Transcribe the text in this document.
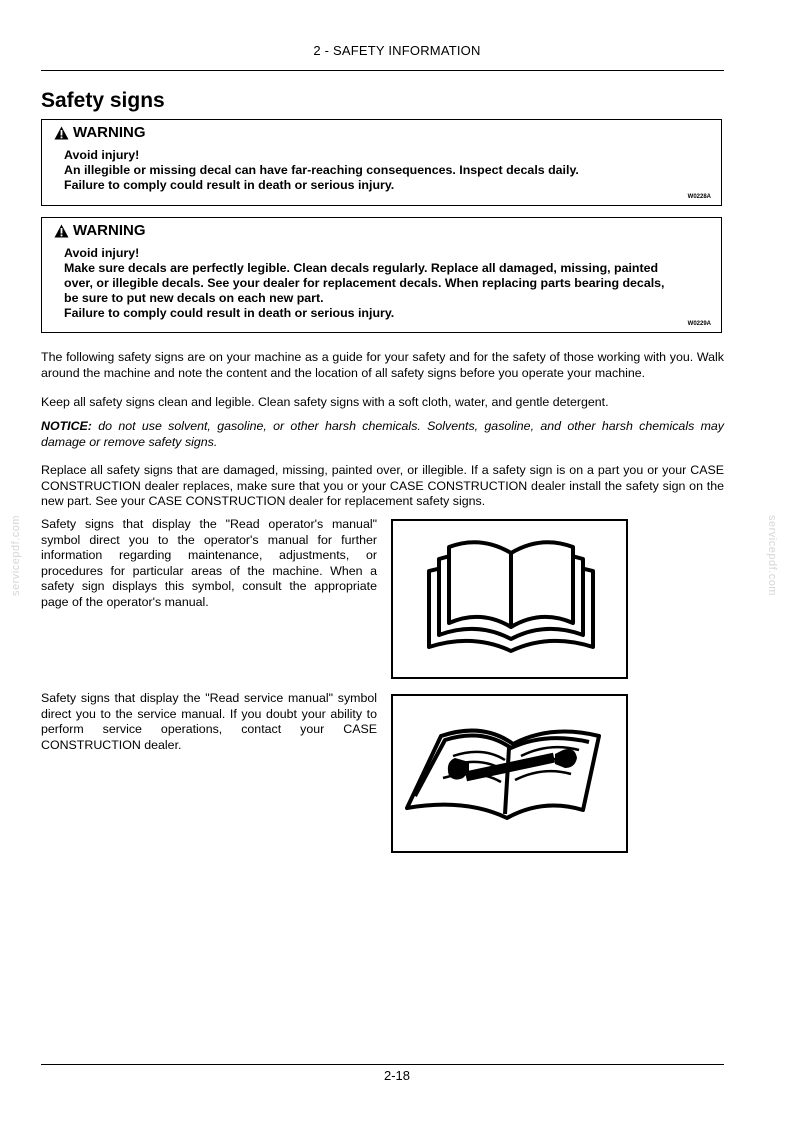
2 - SAFETY INFORMATION
Safety signs
WARNING
Avoid injury!
An illegible or missing decal can have far-reaching consequences. Inspect decals daily.
Failure to comply could result in death or serious injury.
W0228A
WARNING
Avoid injury!
Make sure decals are perfectly legible. Clean decals regularly. Replace all damaged, missing, painted
over, or illegible decals. See your dealer for replacement decals. When replacing parts bearing decals,
be sure to put new decals on each new part.
Failure to comply could result in death or serious injury.
W0229A

The following safety signs are on your machine as a guide for your safety and for the safety of those working with you. Walk around the machine and note the content and the location of all safety signs before you operate your machine.

Keep all safety signs clean and legible. Clean safety signs with a soft cloth, water, and gentle detergent.

NOTICE: do not use solvent, gasoline, or other harsh chemicals. Solvents, gasoline, and other harsh chemicals may damage or remove safety signs.

Replace all safety signs that are damaged, missing, painted over, or illegible. If a safety sign is on a part you or your CASE CONSTRUCTION dealer replaces, make sure that you or your CASE CONSTRUCTION dealer install the safety sign on the new part. See your CASE CONSTRUCTION dealer for replacement safety signs.

Safety signs that display the "Read operator's manual" symbol direct you to the operator's manual for further information regarding maintenance, adjustments, or procedures for particular areas of the machine. When a safety sign displays this symbol, consult the appropriate page of the operator's manual.

Safety signs that display the "Read service manual" symbol direct you to the service manual. If you doubt your ability to perform service operations, contact your CASE CONSTRUCTION dealer.

servicepdf.com	servicepdf.com
2-18
